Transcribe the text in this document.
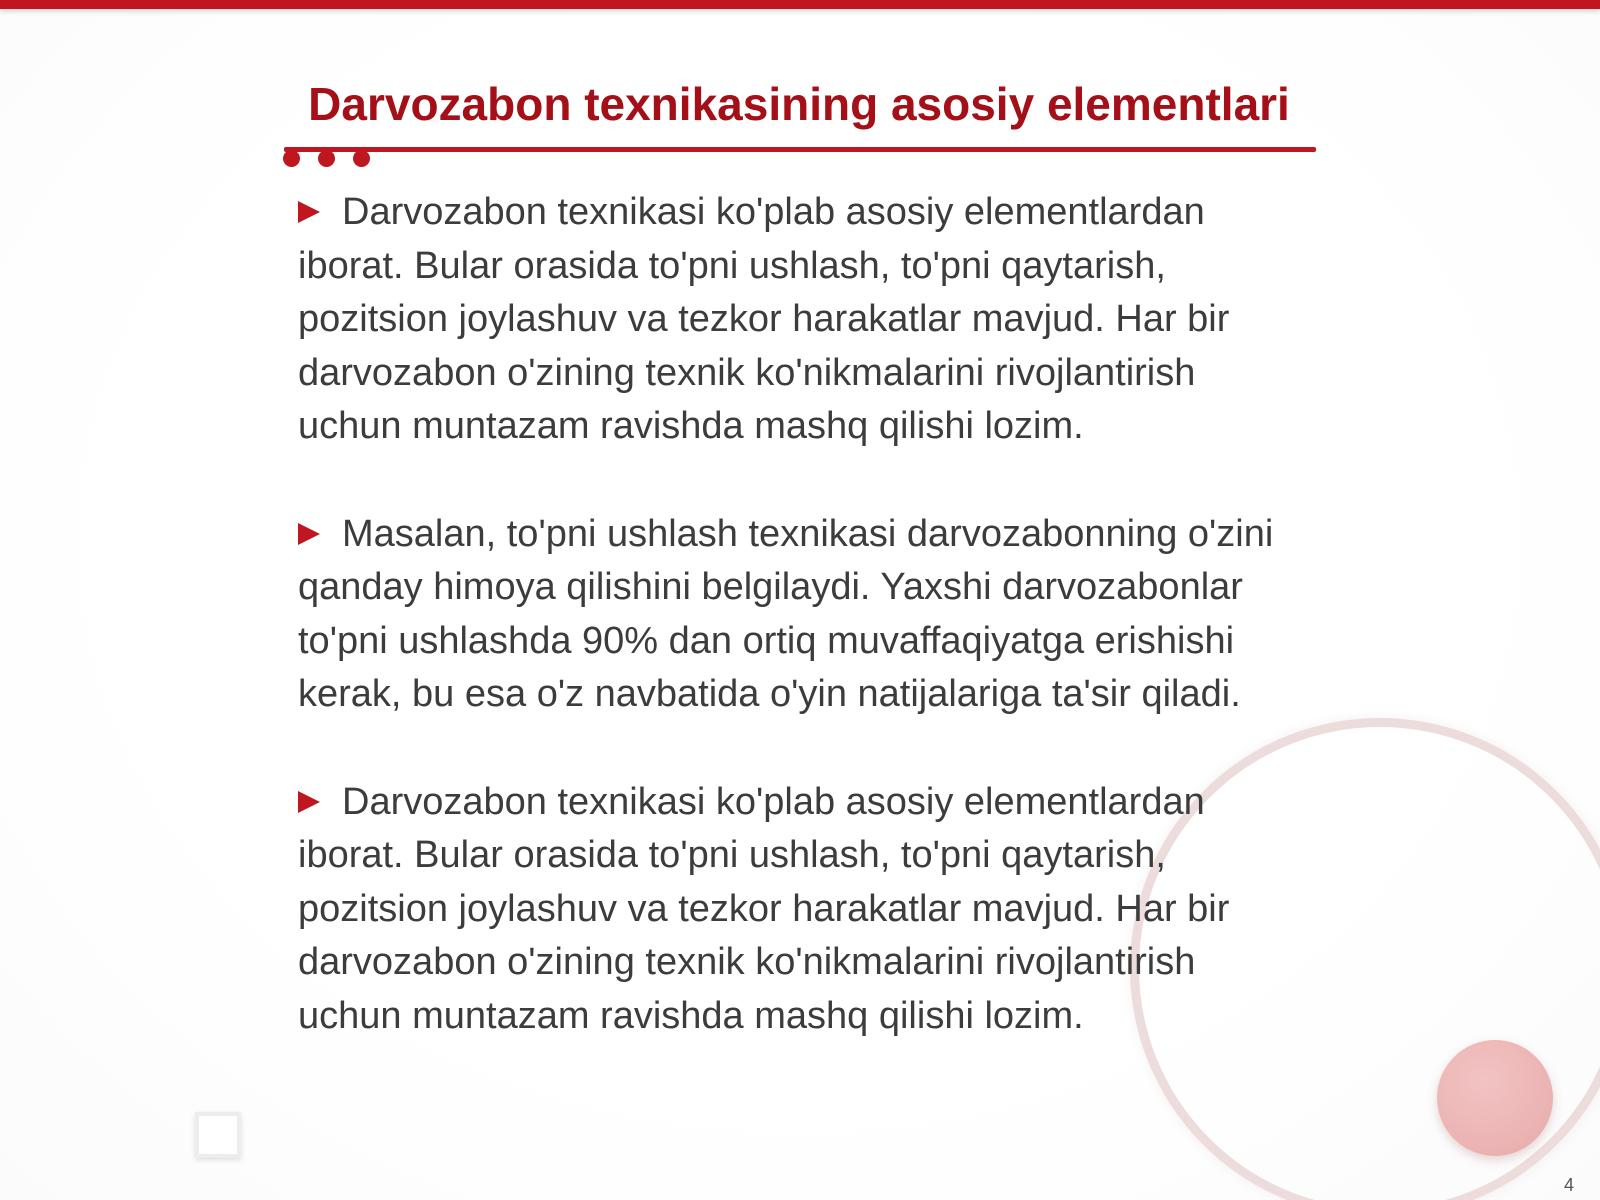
Darvozabon texnikasining asosiy elementlari

Darvozabon texnikasi ko'plab asosiy elementlardan iborat. Bular orasida to'pni ushlash, to'pni qaytarish, pozitsion joylashuv va tezkor harakatlar mavjud. Har bir darvozabon o'zining texnik ko'nikmalarini rivojlantirish uchun muntazam ravishda mashq qilishi lozim.

Masalan, to'pni ushlash texnikasi darvozabonning o'zini qanday himoya qilishini belgilaydi. Yaxshi darvozabonlar to'pni ushlashda 90% dan ortiq muvaffaqiyatga erishishi kerak, bu esa o'z navbatida o'yin natijalariga ta'sir qiladi.

Darvozabon texnikasi ko'plab asosiy elementlardan iborat. Bular orasida to'pni ushlash, to'pni qaytarish, pozitsion joylashuv va tezkor harakatlar mavjud. Har bir darvozabon o'zining texnik ko'nikmalarini rivojlantirish uchun muntazam ravishda mashq qilishi lozim.

4
